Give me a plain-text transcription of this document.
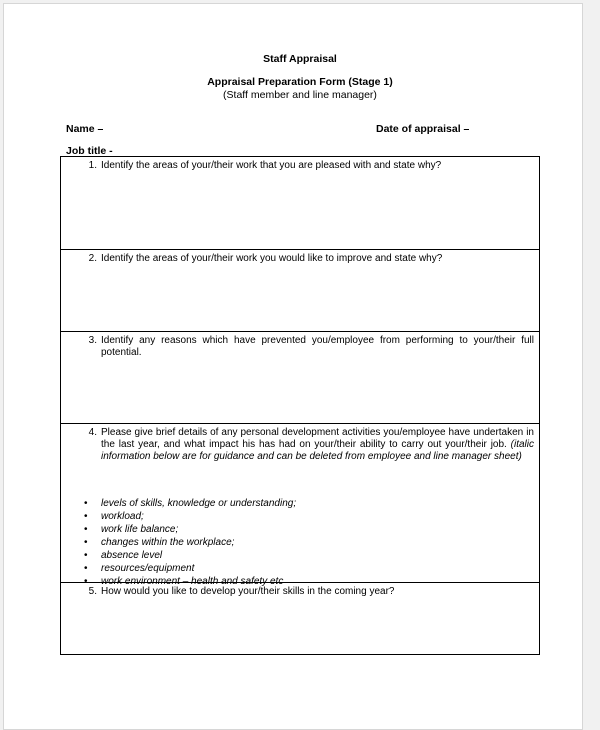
Staff Appraisal
Appraisal Preparation Form (Stage 1)
(Staff member and line manager)
Name –	Date of appraisal –
Job title -
1. Identify the areas of your/their work that you are pleased with and state why?
2. Identify the areas of your/their work you would like to improve and state why?
3. Identify any reasons which have prevented you/employee from performing to your/their full potential.
4. Please give brief details of any personal development activities you/employee have undertaken in the last year, and what impact his has had on your/their ability to carry out your/their job. (italic information below are for guidance and can be deleted from employee and line manager sheet)
• levels of skills, knowledge or understanding;
• workload;
• work life balance;
• changes within the workplace;
• absence level
• resources/equipment
• work environment – health and safety etc
5. How would you like to develop your/their skills in the coming year?
